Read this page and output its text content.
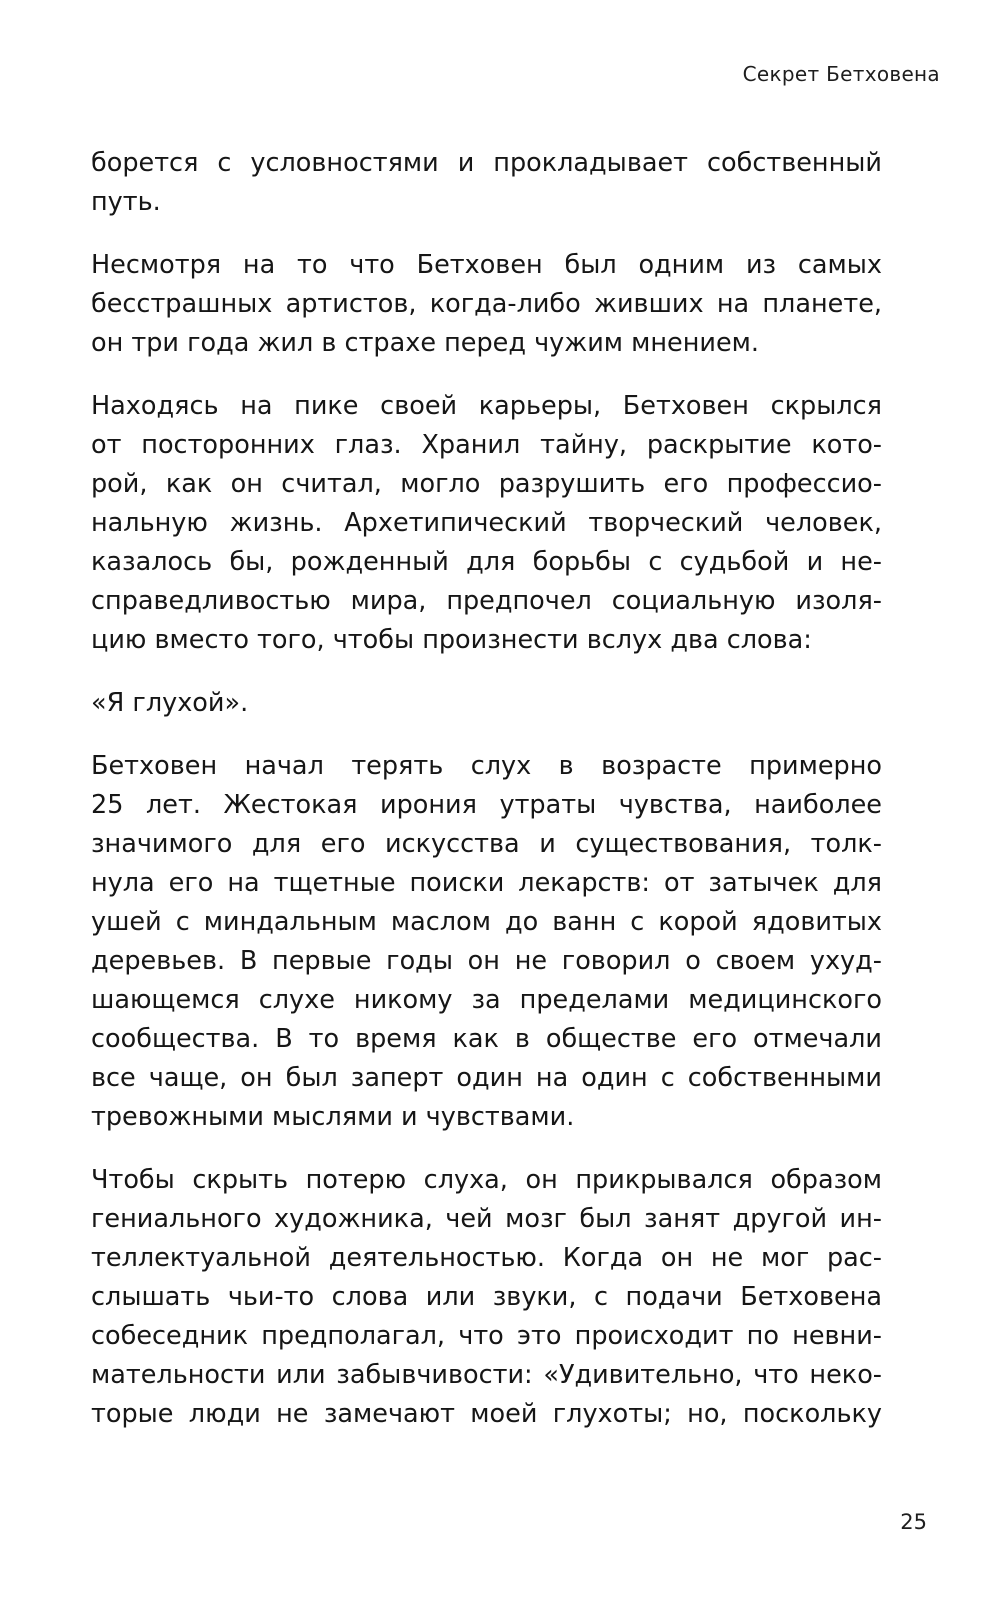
Секрет Бетховена
борется с условностями и прокладывает собственный
путь.
Несмотря на то что Бетховен был одним из самых
бесстрашных артистов, когда-либо живших на планете,
он три года жил в страхе перед чужим мнением.
Находясь на пике своей карьеры, Бетховен скрылся
от посторонних глаз. Хранил тайну, раскрытие кото-
рой, как он считал, могло разрушить его профессио-
нальную жизнь. Архетипический творческий человек,
казалось бы, рожденный для борьбы с судьбой и не-
справедливостью мира, предпочел социальную изоля-
цию вместо того, чтобы произнести вслух два слова:
«Я глухой».
Бетховен начал терять слух в возрасте примерно
25 лет. Жестокая ирония утраты чувства, наиболее
значимого для его искусства и существования, толк-
нула его на тщетные поиски лекарств: от затычек для
ушей с миндальным маслом до ванн с корой ядовитых
деревьев. В первые годы он не говорил о своем ухуд-
шающемся слухе никому за пределами медицинского
сообщества. В то время как в обществе его отмечали
все чаще, он был заперт один на один с собственными
тревожными мыслями и чувствами.
Чтобы скрыть потерю слуха, он прикрывался образом
гениального художника, чей мозг был занят другой ин-
теллектуальной деятельностью. Когда он не мог рас-
слышать чьи-то слова или звуки, с подачи Бетховена
собеседник предполагал, что это происходит по невни-
мательности или забывчивости: «Удивительно, что неко-
торые люди не замечают моей глухоты; но, поскольку
25
